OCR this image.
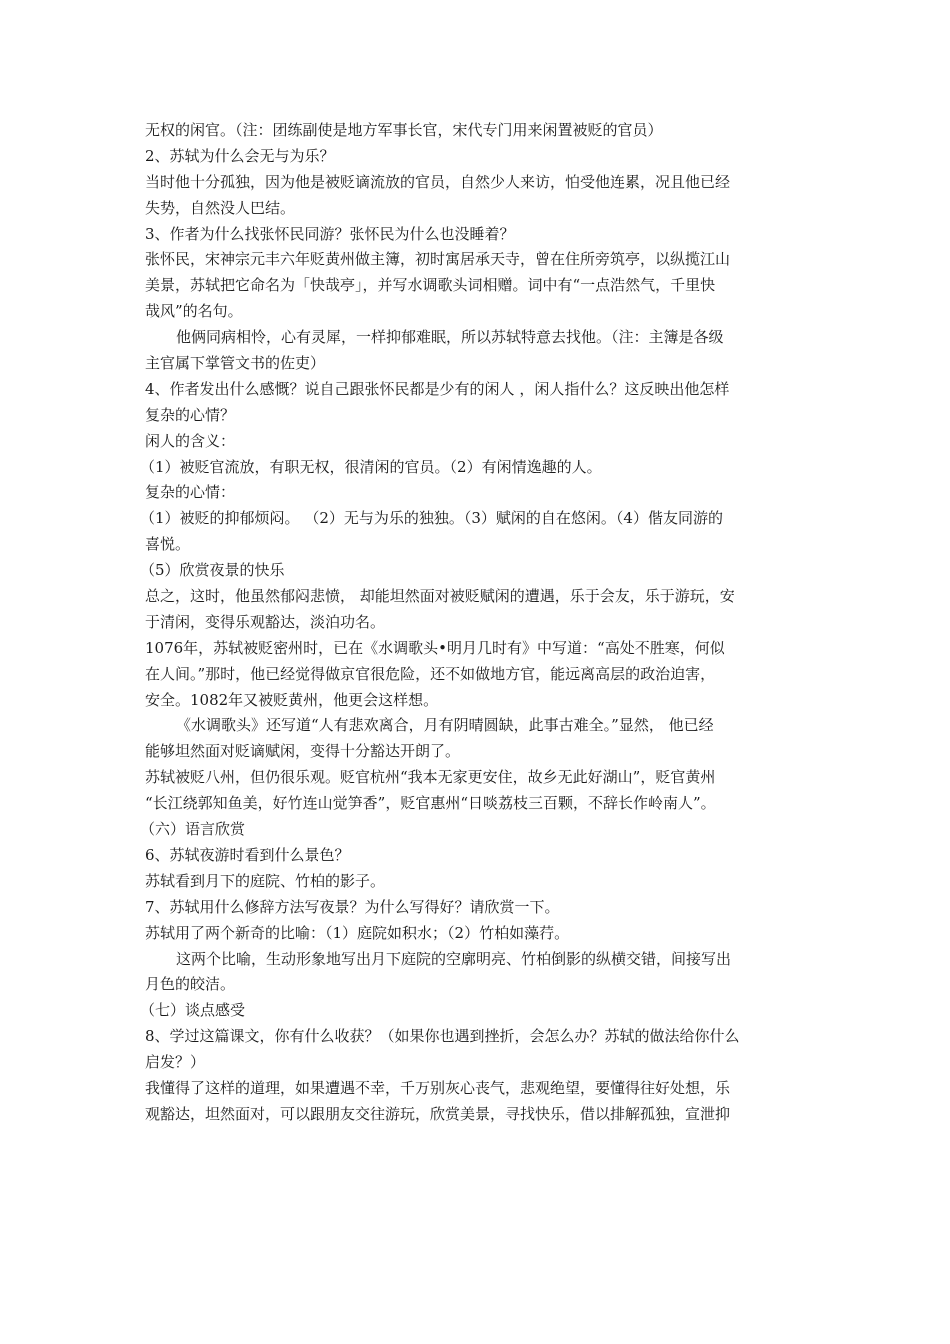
无权的闲官。（注：团练副使是地方军事长官，宋代专门用来闲置被贬的官员）
2、苏轼为什么会无与为乐？
当时他十分孤独，因为他是被贬谪流放的官员，自然少人来访，怕受他连累，况且他已经
失势，自然没人巴结。
3、作者为什么找张怀民同游？张怀民为什么也没睡着？
张怀民，宋神宗元丰六年贬黄州做主簿，初时寓居承天寺，曾在住所旁筑亭，以纵揽江山
美景，苏轼把它命名为「快哉亭」，并写水调歌头词相赠。词中有“一点浩然气，千里快
哉风”的名句。
他俩同病相怜，心有灵犀，一样抑郁难眠，所以苏轼特意去找他。（注：主簿是各级
主官属下掌管文书的佐吏）
4、作者发出什么感慨？说自己跟张怀民都是少有的闲人 ，闲人指什么？这反映出他怎样
复杂的心情？
闲人的含义：
（1）被贬官流放，有职无权，很清闲的官员。（2）有闲情逸趣的人。
复杂的心情：
（1）被贬的抑郁烦闷。 （2）无与为乐的独独。（3）赋闲的自在悠闲。（4）偕友同游的
喜悦。
（5）欣赏夜景的快乐
总之，这时，他虽然郁闷悲愤， 却能坦然面对被贬赋闲的遭遇，乐于会友，乐于游玩，安
于清闲，变得乐观豁达，淡泊功名。
1076年，苏轼被贬密州时，已在《水调歌头•明月几时有》中写道：“高处不胜寒，何似
在人间。”那时，他已经觉得做京官很危险，还不如做地方官，能远离高层的政治迫害，
安全。1082年又被贬黄州，他更会这样想。
《水调歌头》还写道“人有悲欢离合，月有阴晴圆缺，此事古难全。”显然， 他已经
能够坦然面对贬谪赋闲，变得十分豁达开朗了。
苏轼被贬八州，但仍很乐观。贬官杭州“我本无家更安住，故乡无此好湖山”，贬官黄州
“长江绕郭知鱼美，好竹连山觉笋香”，贬官惠州“日啖荔枝三百颗，不辞长作岭南人”。
（六）语言欣赏
6、苏轼夜游时看到什么景色？
苏轼看到月下的庭院、竹柏的影子。
7、苏轼用什么修辞方法写夜景？为什么写得好？请欣赏一下。
苏轼用了两个新奇的比喻：（1）庭院如积水；（2）竹柏如藻荇。
这两个比喻，生动形象地写出月下庭院的空廓明亮、竹柏倒影的纵横交错，间接写出
月色的皎洁。
（七）谈点感受
8、学过这篇课文，你有什么收获？（如果你也遇到挫折，会怎么办？苏轼的做法给你什么
启发？）
我懂得了这样的道理，如果遭遇不幸，千万别灰心丧气，悲观绝望，要懂得往好处想，乐
观豁达，坦然面对，可以跟朋友交往游玩，欣赏美景，寻找快乐，借以排解孤独，宣泄抑
